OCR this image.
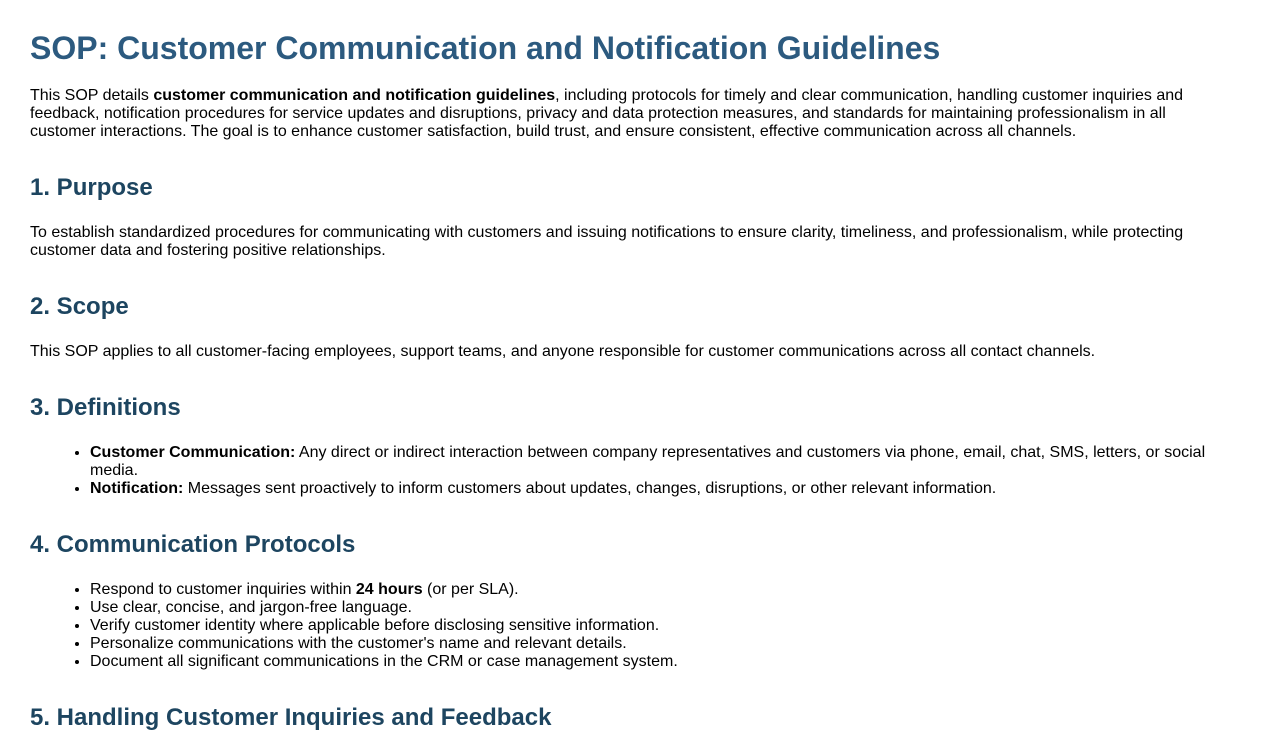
SOP: Customer Communication and Notification Guidelines

This SOP details customer communication and notification guidelines, including protocols for timely and clear communication, handling customer inquiries and feedback, notification procedures for service updates and disruptions, privacy and data protection measures, and standards for maintaining professionalism in all customer interactions. The goal is to enhance customer satisfaction, build trust, and ensure consistent, effective communication across all channels.

1. Purpose

To establish standardized procedures for communicating with customers and issuing notifications to ensure clarity, timeliness, and professionalism, while protecting customer data and fostering positive relationships.

2. Scope

This SOP applies to all customer-facing employees, support teams, and anyone responsible for customer communications across all contact channels.

3. Definitions
• Customer Communication: Any direct or indirect interaction between company representatives and customers via phone, email, chat, SMS, letters, or social media.
• Notification: Messages sent proactively to inform customers about updates, changes, disruptions, or other relevant information.
4. Communication Protocols
• Respond to customer inquiries within 24 hours (or per SLA).
• Use clear, concise, and jargon-free language.
• Verify customer identity where applicable before disclosing sensitive information.
• Personalize communications with the customer's name and relevant details.
• Document all significant communications in the CRM or case management system.
5. Handling Customer Inquiries and Feedback
